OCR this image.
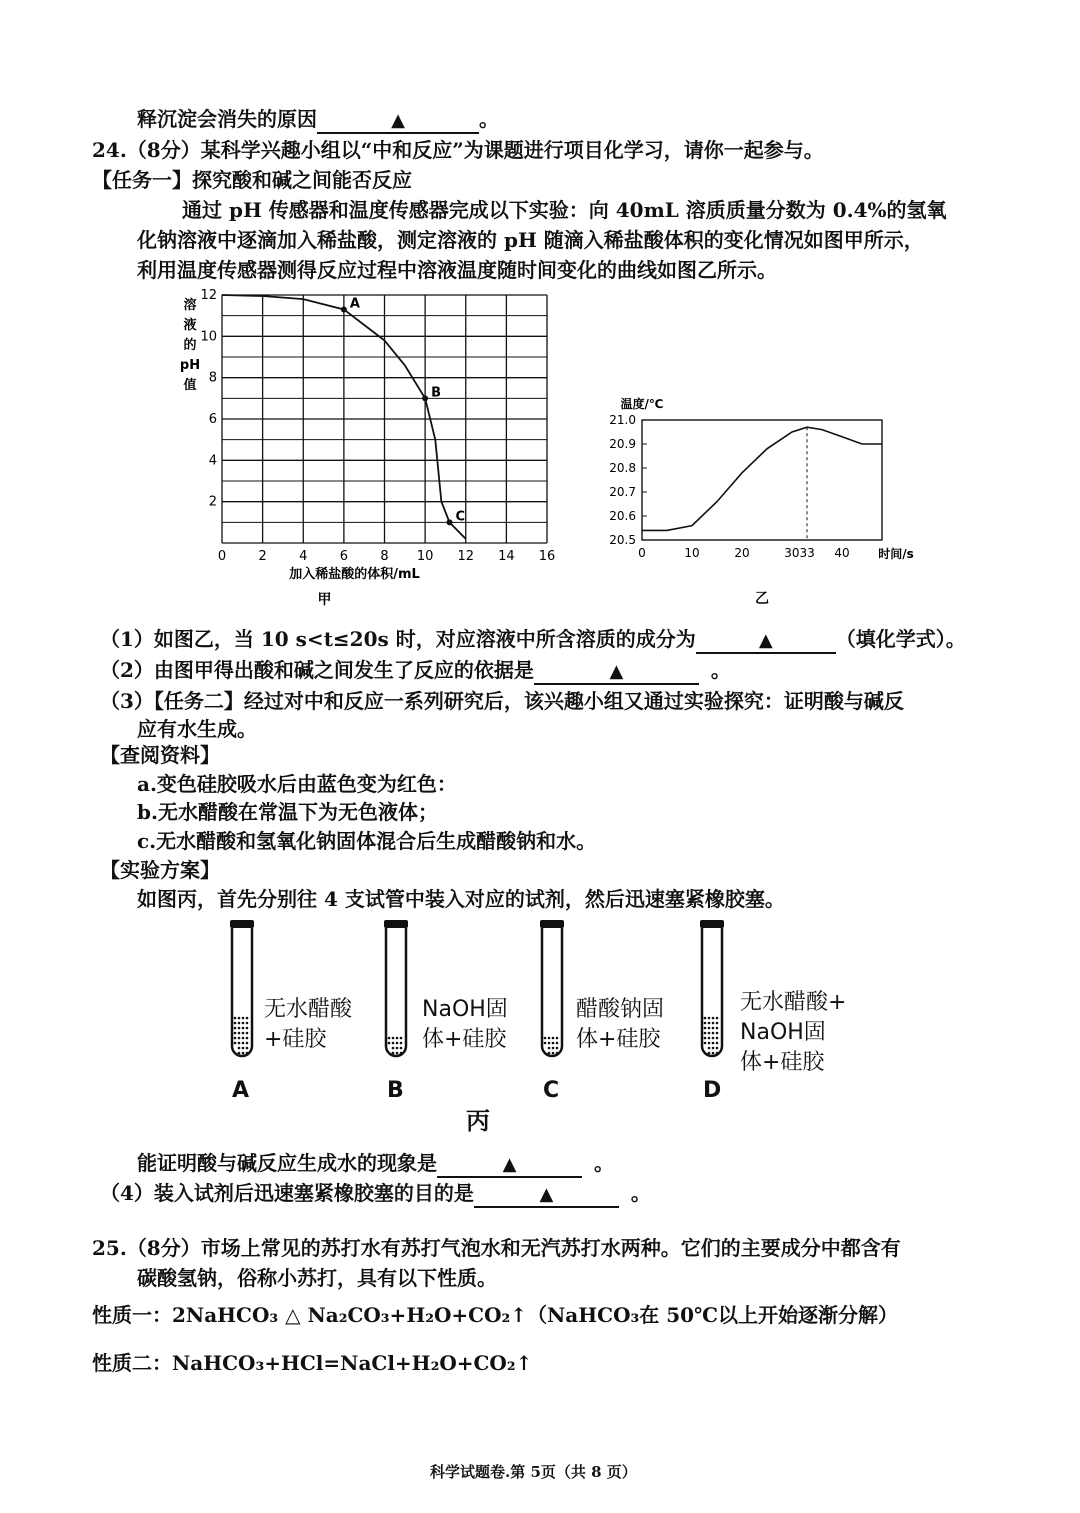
释沉淀会消失的原因	▲	。
24.（8分）某科学兴趣小组以“中和反应”为课题进行项目化学习，请你一起参与。
【任务一】探究酸和碱之间能否反应
通过 pH 传感器和温度传感器完成以下实验：向 40mL 溶质质量分数为 0.4%的氢氧
化钠溶液中逐滴加入稀盐酸，测定溶液的 pH 随滴入稀盐酸体积的变化情况如图甲所示，
利用温度传感器测得反应过程中溶液温度随时间变化的曲线如图乙所示。
0 2 4 6 8 10 12 14 16
2
4
6
8
10
12
溶
液
的
pH
值
加入稀盐酸的体积/mL
甲
A
B
C
20.5
20.6
20.7
20.8
20.9
21.0
0	10	20	3033 40 时间/s
温度/℃
乙
（1）如图乙，当 10 s<t≤20s 时，对应溶液中所含溶质的成分为	▲	（填化学式）。
（2）由图甲得出酸和碱之间发生了反应的依据是	▲	。
（3）【任务二】经过对中和反应一系列研究后，该兴趣小组又通过实验探究：证明酸与碱反
应有水生成。
【查阅资料】
a.变色硅胶吸水后由蓝色变为红色：
b.无水醋酸在常温下为无色液体；
c.无水醋酸和氢氧化钠固体混合后生成醋酸钠和水。
【实验方案】
如图丙，首先分别往 4 支试管中装入对应的试剂，然后迅速塞紧橡胶塞。
无水醋酸
+硅胶
NaOH固
体+硅胶
醋酸钠固
体+硅胶
无水醋酸+
NaOH固
体+硅胶
A	B	C	D
丙
能证明酸与碱反应生成水的现象是	▲	。
（4）装入试剂后迅速塞紧橡胶塞的目的是	▲	。
25.（8分）市场上常见的苏打水有苏打气泡水和无汽苏打水两种。它们的主要成分中都含有
碳酸氢钠，俗称小苏打，具有以下性质。
性质一：2NaHCO₃ △ Na₂CO₃+H₂O+CO₂↑（NaHCO₃在 50℃以上开始逐渐分解）
性质二：NaHCO₃+HCl=NaCl+H₂O+CO₂↑
科学试题卷.第 5页（共 8 页）
